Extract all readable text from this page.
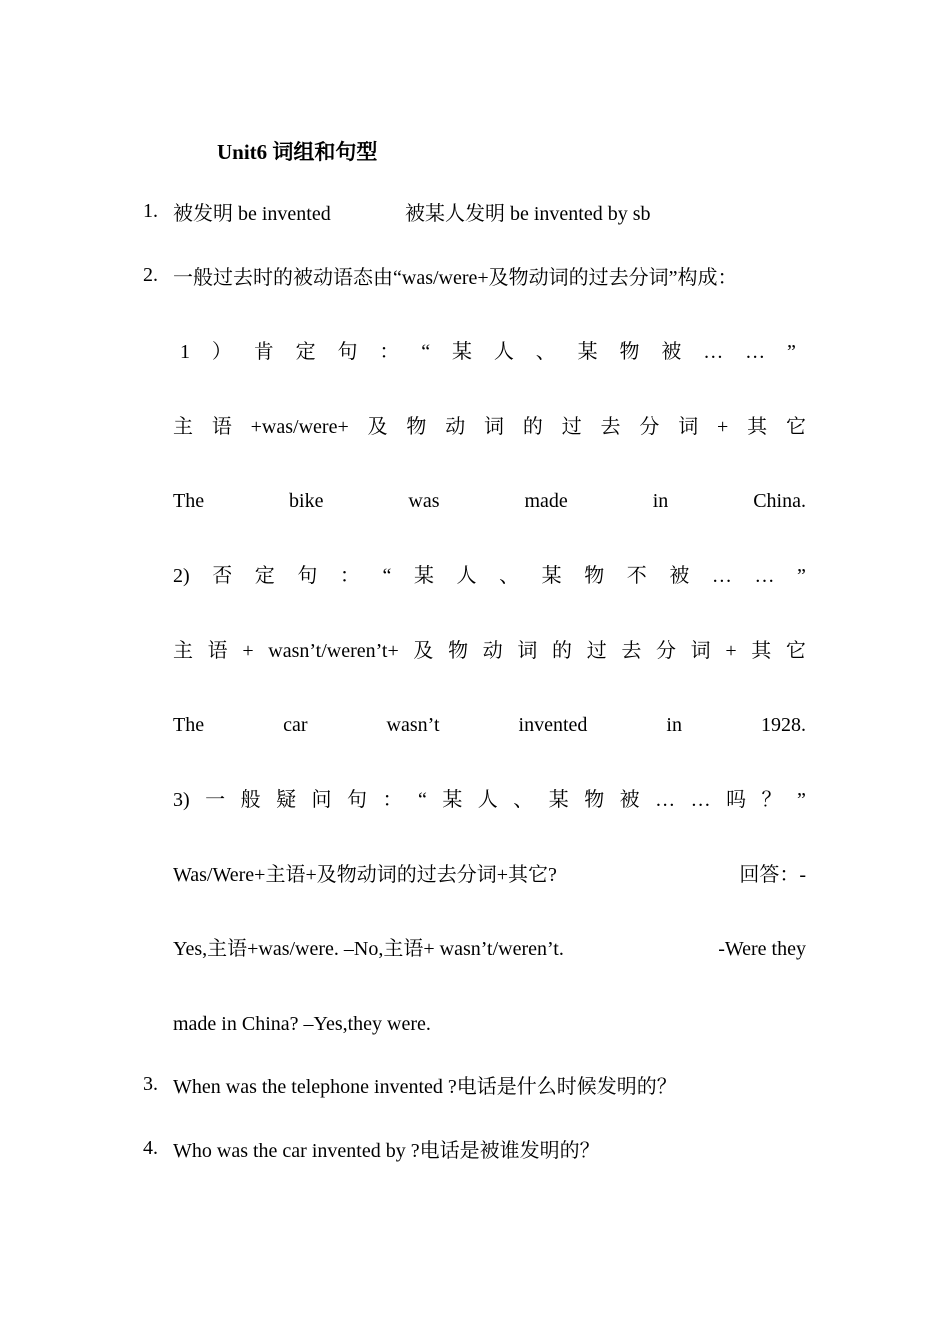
Unit6 词组和句型
1. 被发明 be invented	被某人发明 be invented by sb
2. 一般过去时的被动语态由“was/were+及物动词的过去分词”构成：
1 ） 肯 定 句 ： “ 某 人 、 某 物 被 … … ”
主 语 +was/were+ 及 物 动 词 的 过 去 分 词 + 其 它
The	bike	was	made	in	China.
2) 否 定 句 ： “ 某 人 、 某 物 不 被 … … ”
主 语 + wasn’t/weren’t+ 及 物 动 词 的 过 去 分 词 + 其 它
The	car	wasn’t	invented	in	1928.
3) 一 般 疑 问 句 ： “ 某 人 、 某 物 被 … … 吗 ？ ”
Was/Were+主语+及物动词的过去分词+其它?	回答：-
Yes,主语+was/were. –No,主语+ wasn’t/weren’t.	-Were they
made in China? –Yes,they were.
3. When was the telephone invented ?电话是什么时候发明的？
4. Who was the car invented by ?电话是被谁发明的？
